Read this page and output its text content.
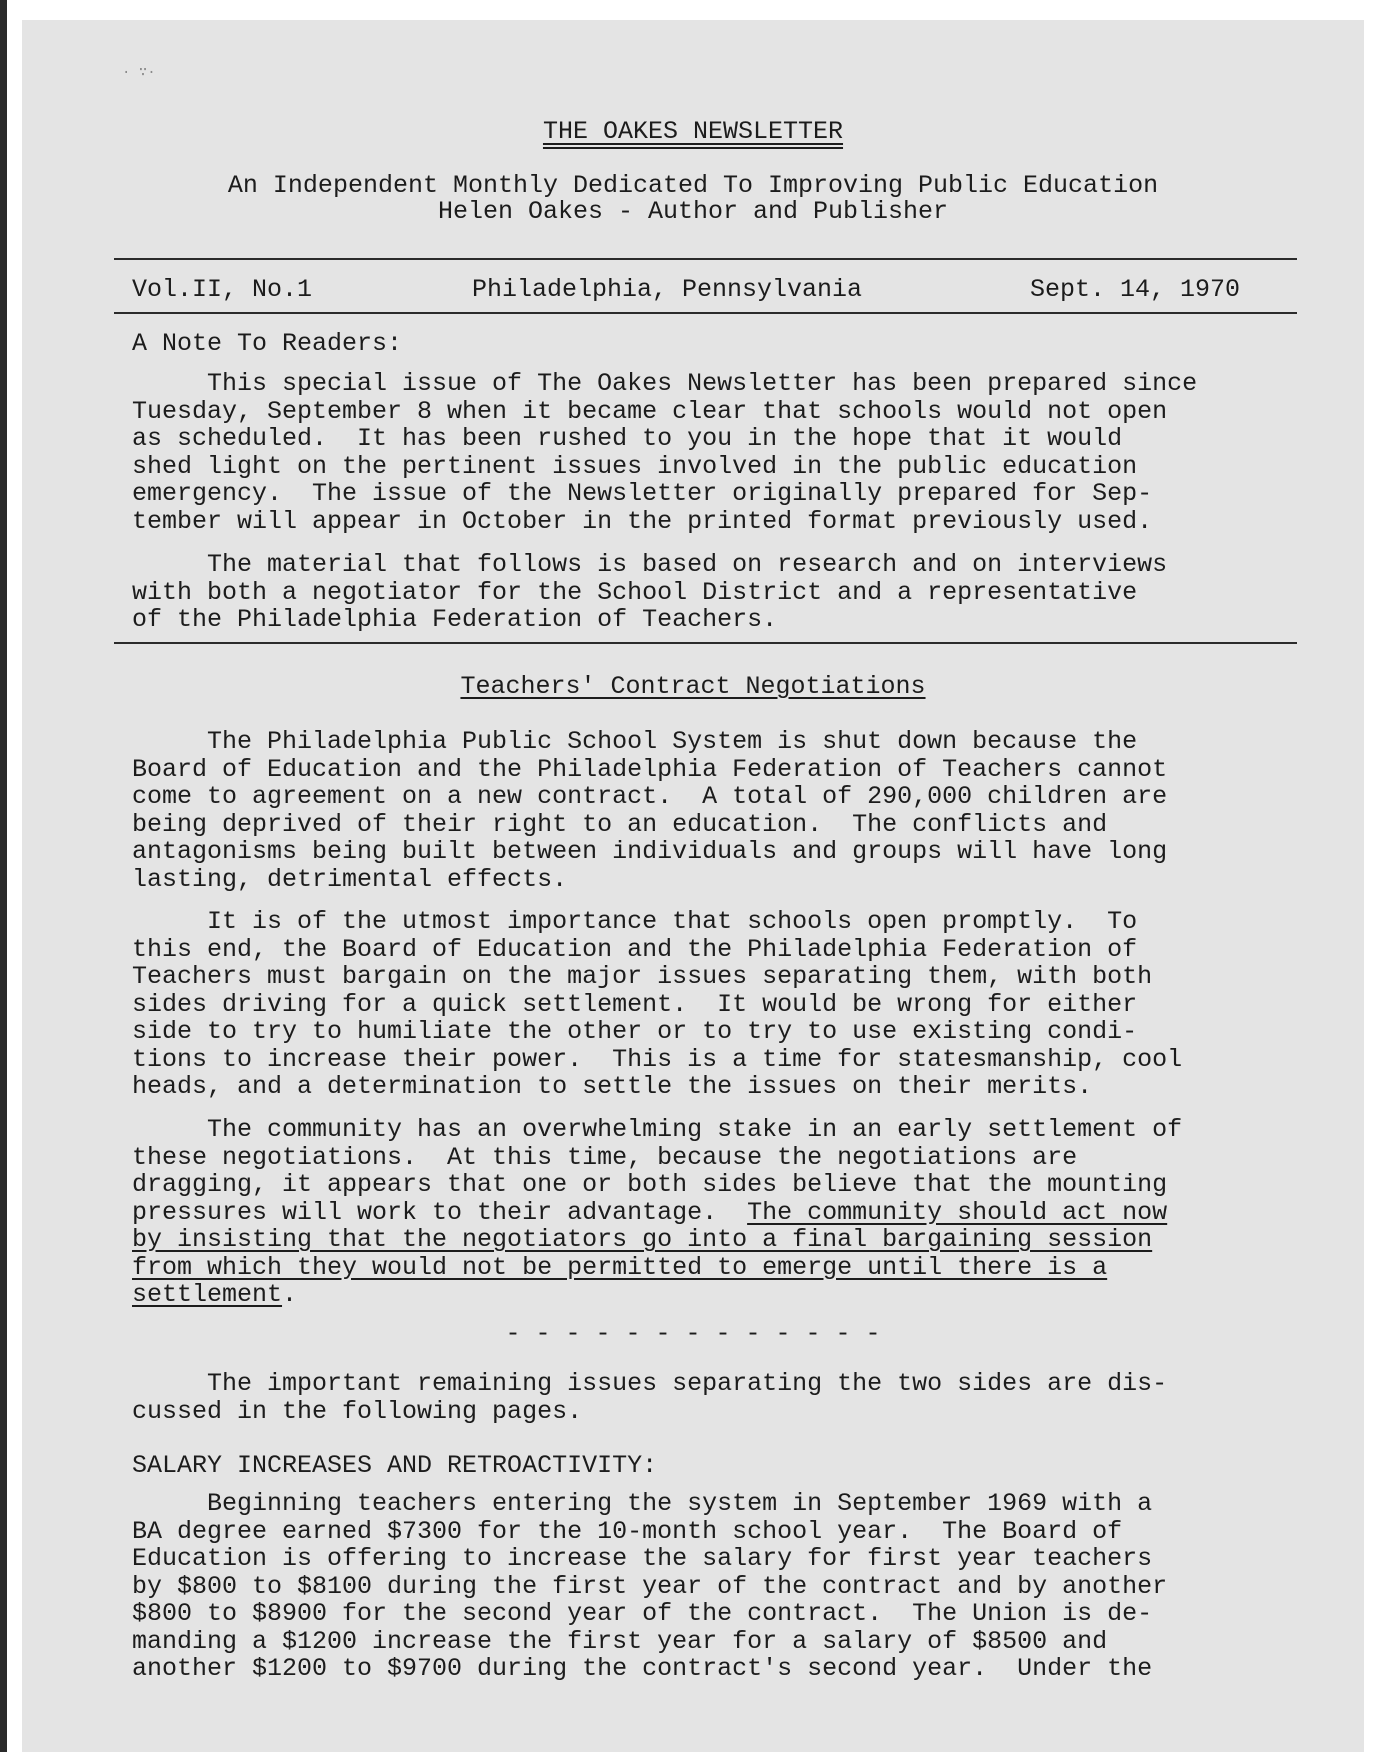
· ∵·
THE OAKES NEWSLETTER
An Independent Monthly Dedicated To Improving Public Education
Helen Oakes - Author and Publisher
Vol.II, No.1	Philadelphia, Pennsylvania	Sept. 14, 1970
A Note To Readers:
This special issue of The Oakes Newsletter has been prepared since
Tuesday, September 8 when it became clear that schools would not open
as scheduled.  It has been rushed to you in the hope that it would
shed light on the pertinent issues involved in the public education
emergency.  The issue of the Newsletter originally prepared for Sep-
tember will appear in October in the printed format previously used.
The material that follows is based on research and on interviews
with both a negotiator for the School District and a representative
of the Philadelphia Federation of Teachers.
Teachers' Contract Negotiations
The Philadelphia Public School System is shut down because the
Board of Education and the Philadelphia Federation of Teachers cannot
come to agreement on a new contract.  A total of 290,000 children are
being deprived of their right to an education.  The conflicts and
antagonisms being built between individuals and groups will have long
lasting, detrimental effects.
It is of the utmost importance that schools open promptly.  To
this end, the Board of Education and the Philadelphia Federation of
Teachers must bargain on the major issues separating them, with both
sides driving for a quick settlement.  It would be wrong for either
side to try to humiliate the other or to try to use existing condi-
tions to increase their power.  This is a time for statesmanship, cool
heads, and a determination to settle the issues on their merits.
The community has an overwhelming stake in an early settlement of
these negotiations.  At this time, because the negotiations are
dragging, it appears that one or both sides believe that the mounting
pressures will work to their advantage.  The community should act now
by insisting that the negotiators go into a final bargaining session
from which they would not be permitted to emerge until there is a
settlement.
- - - - - - - - - - - - -
The important remaining issues separating the two sides are dis-
cussed in the following pages.
SALARY INCREASES AND RETROACTIVITY:
Beginning teachers entering the system in September 1969 with a
BA degree earned $7300 for the 10-month school year.  The Board of
Education is offering to increase the salary for first year teachers
by $800 to $8100 during the first year of the contract and by another
$800 to $8900 for the second year of the contract.  The Union is de-
manding a $1200 increase the first year for a salary of $8500 and
another $1200 to $9700 during the contract's second year.  Under the
